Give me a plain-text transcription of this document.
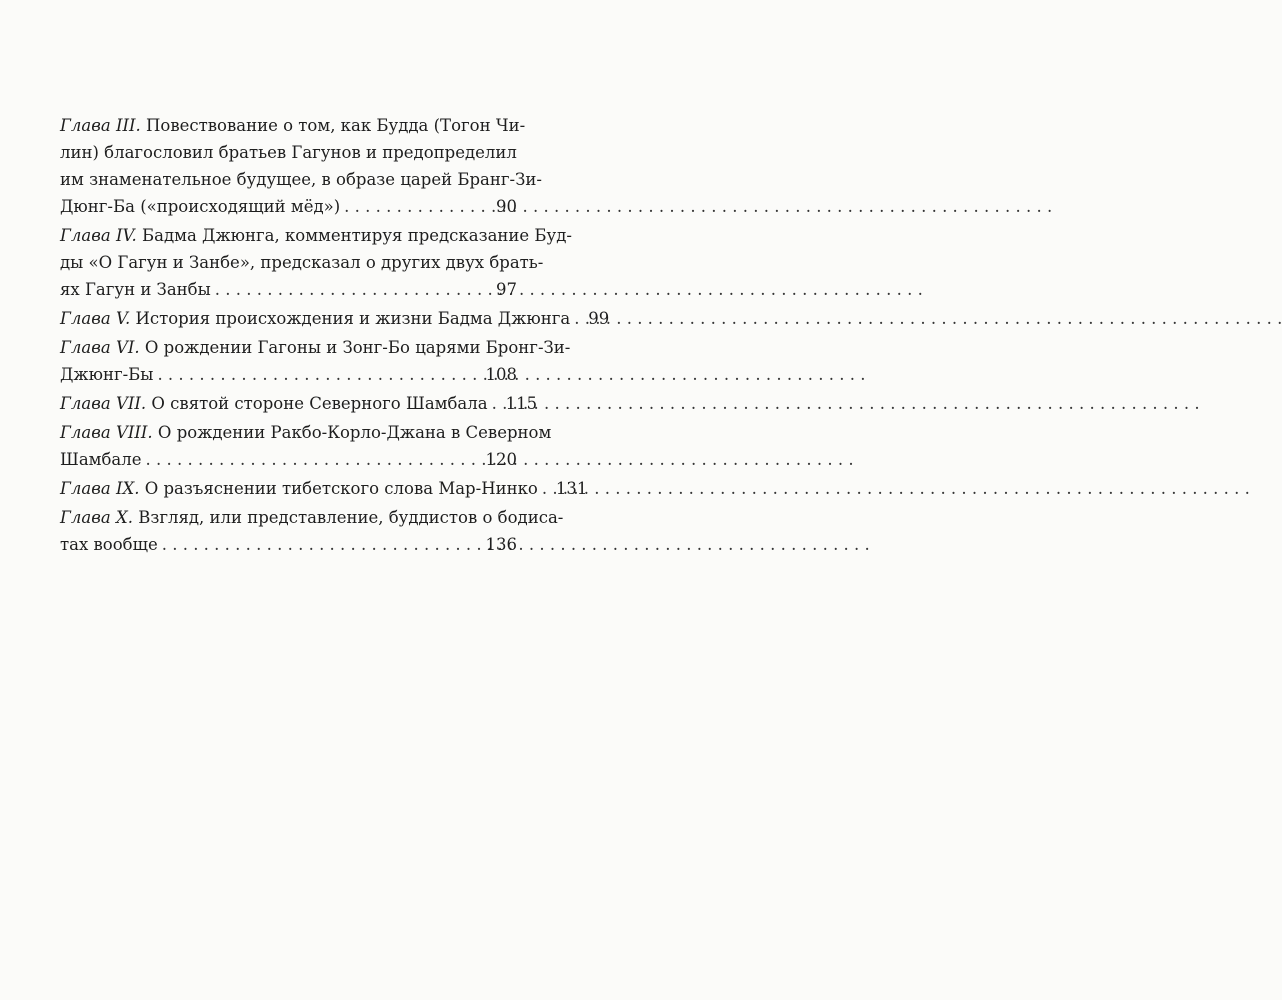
Глава III. Повествование о том, как Будда (Тогон Чи-
лин) благословил братьев Гагунов и предопределил
им знаменательное будущее, в образе царей Бранг-Зи-
Дюнг-Ба («происходящий мёд») . . .	90
Глава IV. Бадма Джюнга, комментируя предсказание Буд-
ды «О Гагун и Занбе», предсказал о других двух брать-
ях Гагун и Занбы . . .	97
Глава V. История происхождения и жизни Бадма Джюнга . . . 99
Глава VI. О рождении Гагоны и Зонг-Бо царями Бронг-Зи-
Джюнг-Бы . . .	108
Глава VII. О святой стороне Северного Шамбала . . . 115
Глава VIII. О рождении Ракбо-Корло-Джана в Северном
Шамбале . . .	120
Глава IX. О разъяснении тибетского слова Мар-Нинко . . . 131
Глава X. Взгляд, или представление, буддистов о бодиса-
тах вообще . . .	136
